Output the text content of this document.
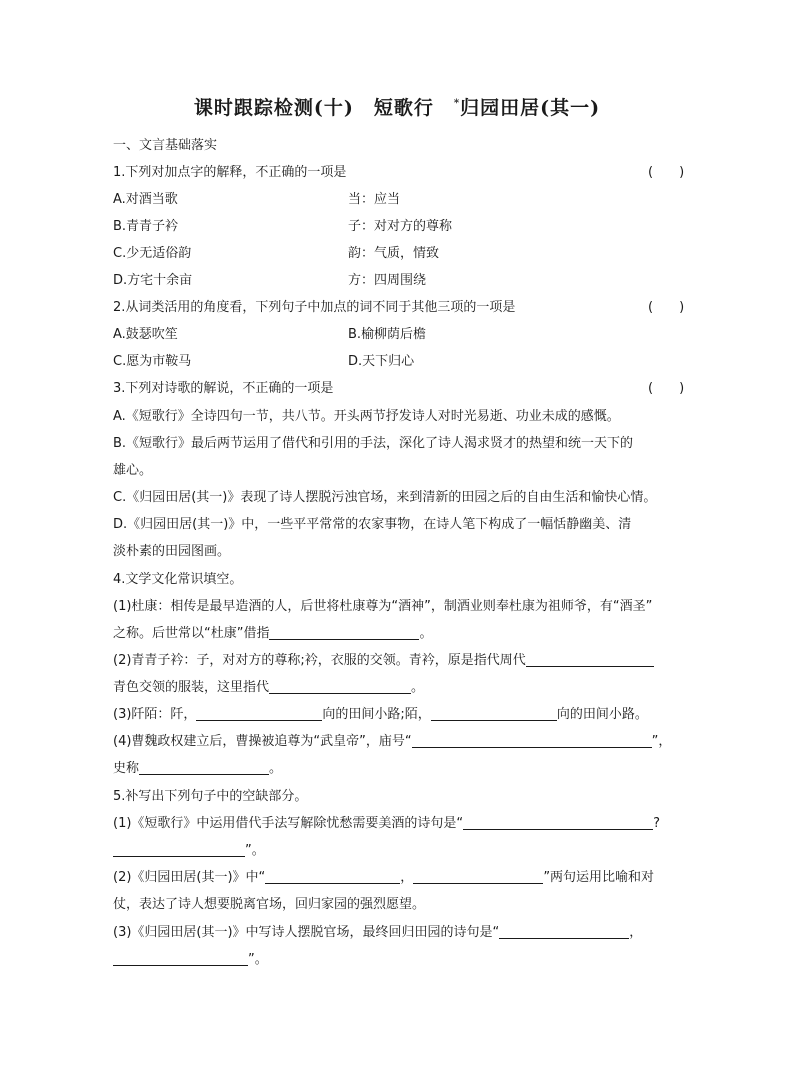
课时跟踪检测(十) 短歌行 *归园田居(其一)
一、文言基础落实
1.下列对加点字的解释，不正确的一项是	(　　)
A.对酒当歌	当：应当
B.青青子衿	子：对对方的尊称
C.少无适俗韵	韵：气质，情致
D.方宅十余亩	方：四周围绕
2.从词类活用的角度看，下列句子中加点的词不同于其他三项的一项是	(　　)
A.鼓瑟吹笙	B.榆柳荫后檐
C.愿为市鞍马	D.天下归心
3.下列对诗歌的解说，不正确的一项是	(　　)
A.《短歌行》全诗四句一节，共八节。开头两节抒发诗人对时光易逝、功业未成的感慨。
B.《短歌行》最后两节运用了借代和引用的手法，深化了诗人渴求贤才的热望和统一天下的
雄心。
C.《归园田居(其一)》表现了诗人摆脱污浊官场，来到清新的田园之后的自由生活和愉快心情。
D.《归园田居(其一)》中，一些平平常常的农家事物，在诗人笔下构成了一幅恬静幽美、清
淡朴素的田园图画。
4.文学文化常识填空。
(1)杜康：相传是最早造酒的人，后世将杜康尊为“酒神”，制酒业则奉杜康为祖师爷，有“酒圣”
之称。后世常以“杜康”借指	。
(2)青青子衿：子，对对方的尊称;衿，衣服的交领。青衿，原是指代周代
青色交领的服装，这里指代	。
(3)阡陌：阡，	向的田间小路;陌，	向的田间小路。
(4)曹魏政权建立后，曹操被追尊为“武皇帝”，庙号“	”，
史称	。
5.补写出下列句子中的空缺部分。
(1)《短歌行》中运用借代手法写解除忧愁需要美酒的诗句是“	?
”。
(2)《归园田居(其一)》中“	，	”两句运用比喻和对
仗，表达了诗人想要脱离官场，回归家园的强烈愿望。
(3)《归园田居(其一)》中写诗人摆脱官场，最终回归田园的诗句是“	，
”。
